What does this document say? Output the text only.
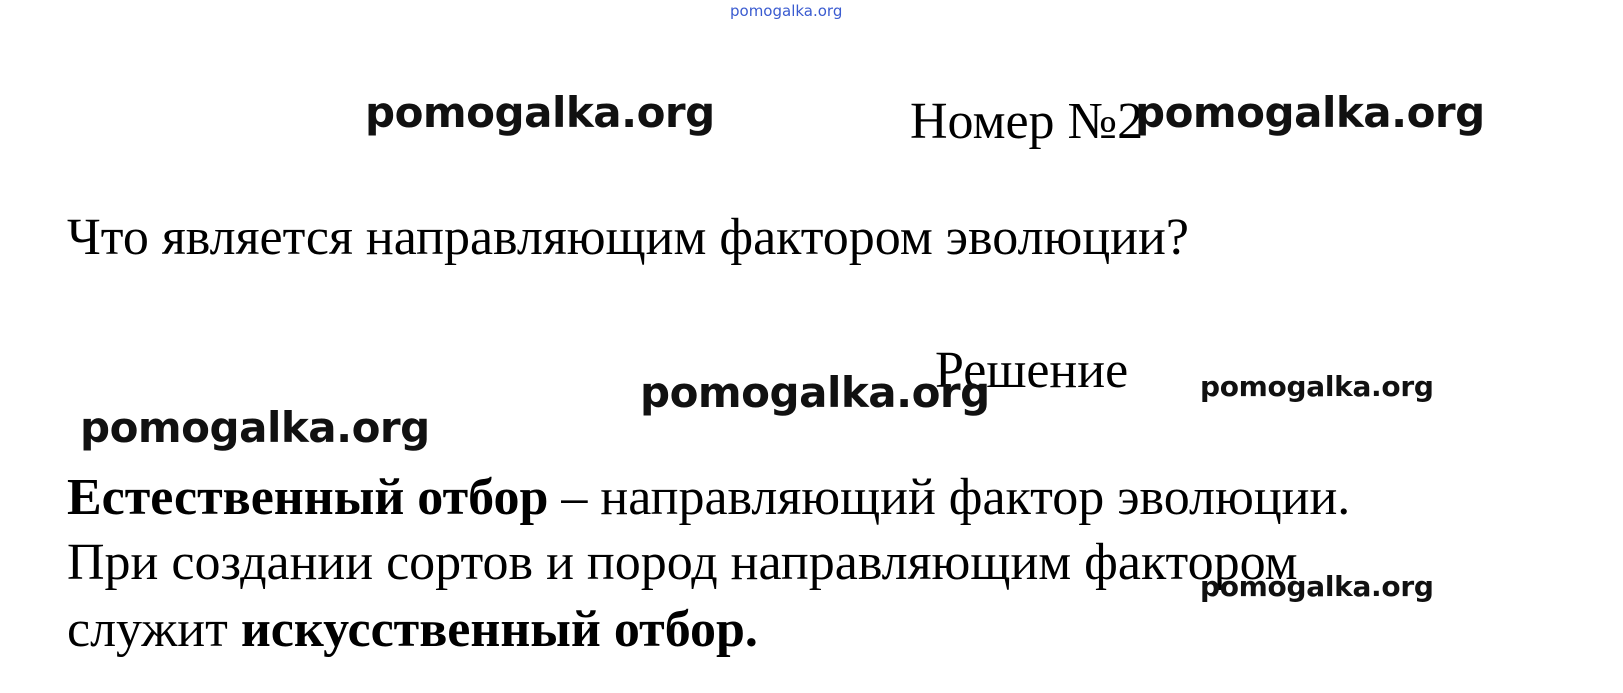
pomogalka.org
pomogalka.org	Номер №2
pomogalka.org
Что является направляющим фактором эволюции?
Решение
pomogalka.org	pomogalka.org
pomogalka.org
Естественный отбор – направляющий фактор эволюции.
При создании сортов и пород направляющим фактором
pomogalka.org
служит искусственный отбор.
